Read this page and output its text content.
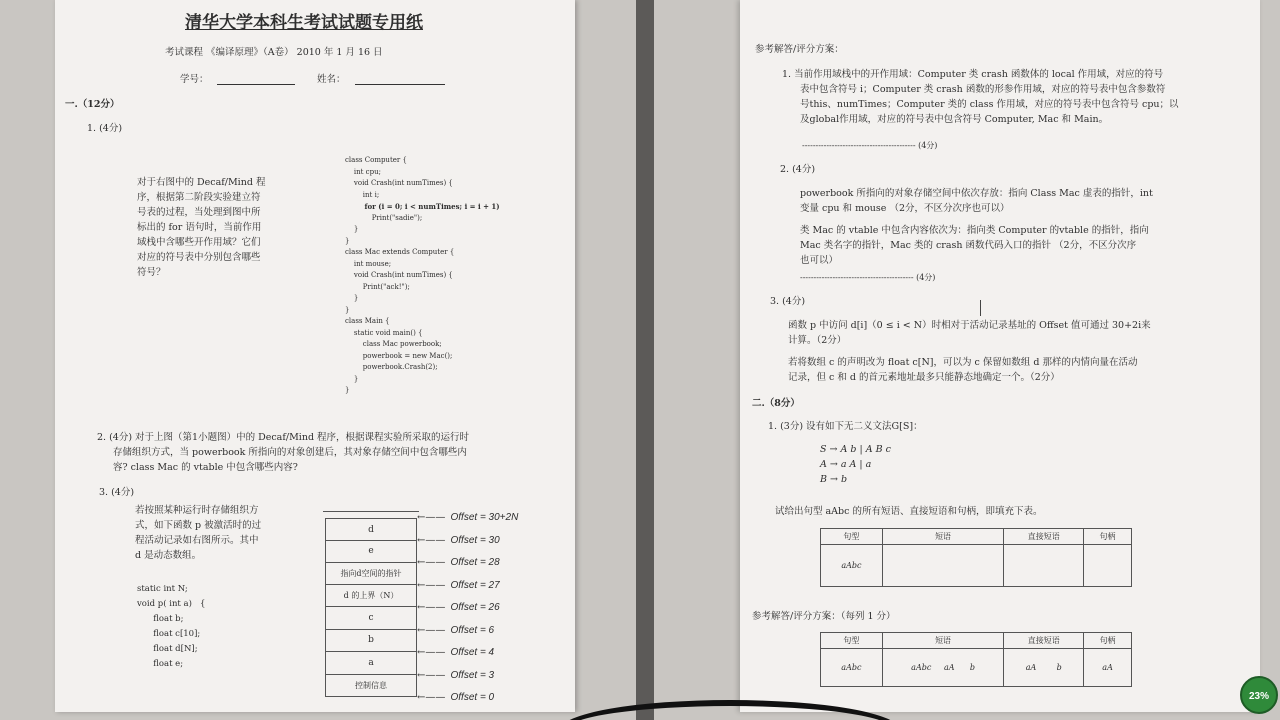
清华大学本科生考试试题专用纸
考试课程 《编译原理》（A卷） 2010 年 1 月 16 日
学号：	姓名：
一.（12分）
1. (4分)
对于右图中的 Decaf/Mind 程
序，根据第二阶段实验建立符
号表的过程，当处理到图中所
标出的 for 语句时，当前作用
域栈中含哪些开作用域？它们
对应的符号表中分别包含哪些
符号？
class Computer {
int cpu;
void Crash(int numTimes) {
int i;
for (i = 0; i < numTimes; i = i + 1)
Print("sadie");
}
}
class Mac extends Computer {
int mouse;
void Crash(int numTimes) {
Print("ack!");
}
}
class Main {
static void main() {
class Mac powerbook;
powerbook = new Mac();
powerbook.Crash(2);
}
}
2. (4分) 对于上图（第1小题图）中的 Decaf/Mind 程序，根据课程实验所采取的运行时
存储组织方式，当 powerbook 所指向的对象创建后，其对象存储空间中包含哪些内
容? class Mac 的 vtable 中包含哪些内容?
3. (4分)
若按照某种运行时存储组织方
式，如下函数 p 被激活时的过
程活动记录如右图所示。其中
d 是动态数组。
static int N;
void p( int a)   {
float b;
float c[10];
float d[N];
float e;
d
e
指向d空间的指针
d 的上界（N）
c
b
a
控制信息
←—— Offset = 30+2N
←—— Offset = 30
←—— Offset = 28
←—— Offset = 27
←—— Offset = 26
←—— Offset = 6
←—— Offset = 4
←—— Offset = 3
←—— Offset = 0
参考解答/评分方案：
1. 当前作用域栈中的开作用域：Computer 类 crash 函数体的 local 作用域，对应的符号
表中包含符号 i；Computer 类 crash 函数的形参作用域，对应的符号表中包含参数符
号this、numTimes；Computer 类的 class 作用域，对应的符号表中包含符号 cpu；以
及global作用域，对应的符号表中包含符号 Computer, Mac 和 Main。
------------------------------------------ (4分)
2. (4分)
powerbook 所指向的对象存储空间中依次存放：指向 Class Mac 虚表的指针，int
变量 cpu 和 mouse （2分，不区分次序也可以）
类 Mac 的 vtable 中包含内容依次为：指向类 Computer 的vtable 的指针，指向
Mac 类名字的指针，Mac 类的 crash 函数代码入口的指针 （2分，不区分次序
也可以）
------------------------------------------ (4分)
3. (4分)
函数 p 中访问 d[i]（0 ≤ i < N）时相对于活动记录基址的 Offset 值可通过 30+2i来
计算。（2分）
若将数组 c 的声明改为 float c[N]，可以为 c 保留如数组 d 那样的内情向量在活动
记录，但 c 和 d 的首元素地址最多只能静态地确定一个。（2分）
二.（8分）
1. (3分) 设有如下无二义文法G[S]：
S → A b | A B c
A → a A | a
B → b
试给出句型 aAbc 的所有短语、直接短语和句柄，即填充下表。
句型	短语	直接短语	句柄
aAbc			
参考解答/评分方案：（每列 1 分）
句型	短语	直接短语	句柄
aAbc	aAbc     aA      b	aA        b	aA
23%
